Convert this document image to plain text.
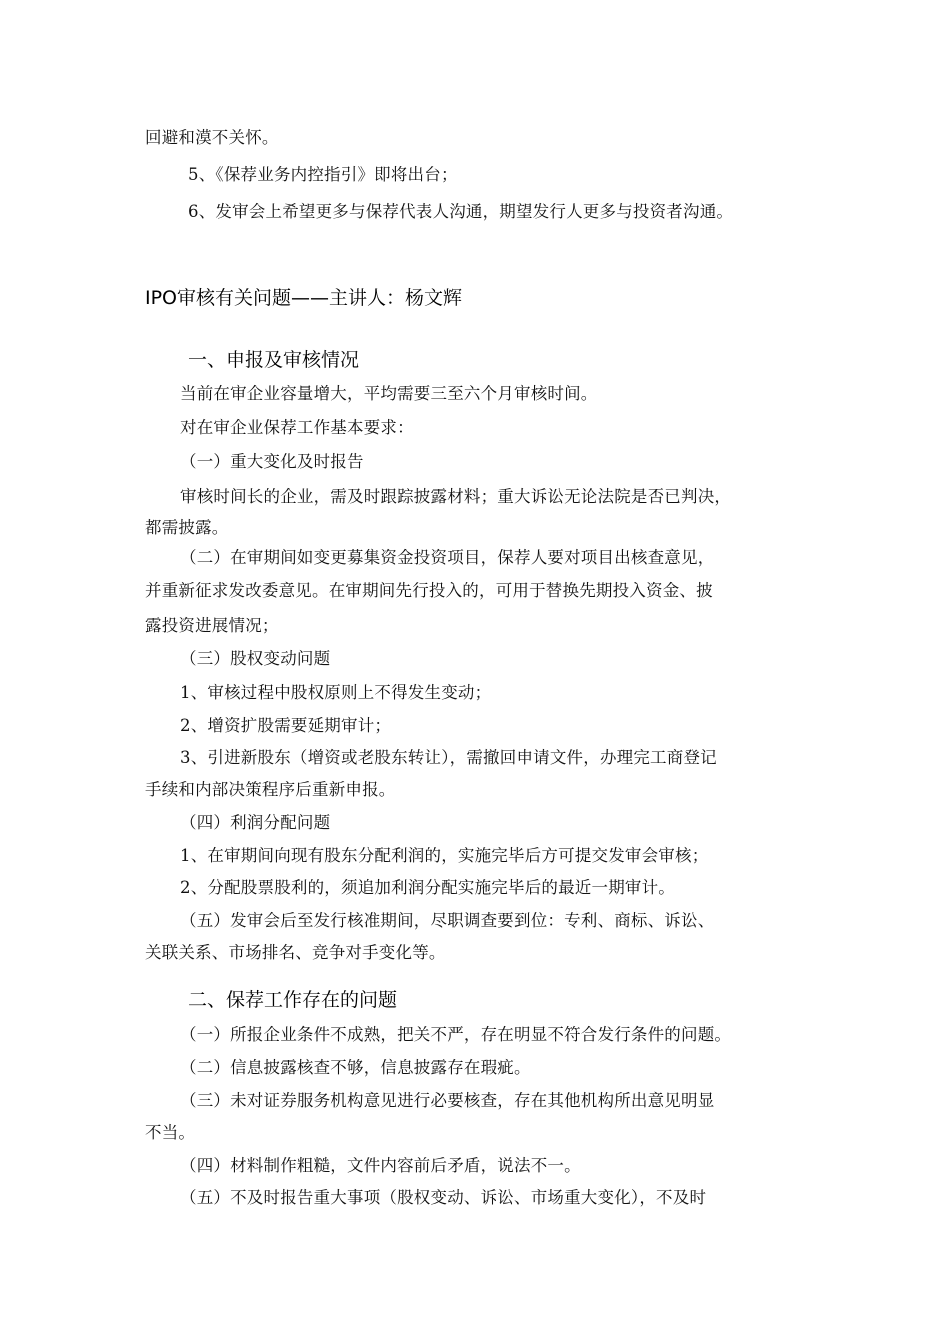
回避和漠不关怀。
5、《保荐业务内控指引》即将出台；
6、发审会上希望更多与保荐代表人沟通，期望发行人更多与投资者沟通。
IPO审核有关问题——主讲人：杨文辉
一、申报及审核情况
当前在审企业容量增大，平均需要三至六个月审核时间。
对在审企业保荐工作基本要求：
（一）重大变化及时报告
审核时间长的企业，需及时跟踪披露材料；重大诉讼无论法院是否已判决，
都需披露。
（二）在审期间如变更募集资金投资项目，保荐人要对项目出核查意见，
并重新征求发改委意见。在审期间先行投入的，可用于替换先期投入资金、披
露投资进展情况；
（三）股权变动问题
1、审核过程中股权原则上不得发生变动；
2、增资扩股需要延期审计；
3、引进新股东（增资或老股东转让），需撤回申请文件，办理完工商登记
手续和内部决策程序后重新申报。
（四）利润分配问题
1、在审期间向现有股东分配利润的，实施完毕后方可提交发审会审核；
2、分配股票股利的，须追加利润分配实施完毕后的最近一期审计。
（五）发审会后至发行核准期间，尽职调查要到位：专利、商标、诉讼、
关联关系、市场排名、竞争对手变化等。
二、保荐工作存在的问题
（一）所报企业条件不成熟，把关不严，存在明显不符合发行条件的问题。
（二）信息披露核查不够，信息披露存在瑕疵。
（三）未对证券服务机构意见进行必要核查，存在其他机构所出意见明显
不当。
（四）材料制作粗糙，文件内容前后矛盾，说法不一。
（五）不及时报告重大事项（股权变动、诉讼、市场重大变化），不及时
